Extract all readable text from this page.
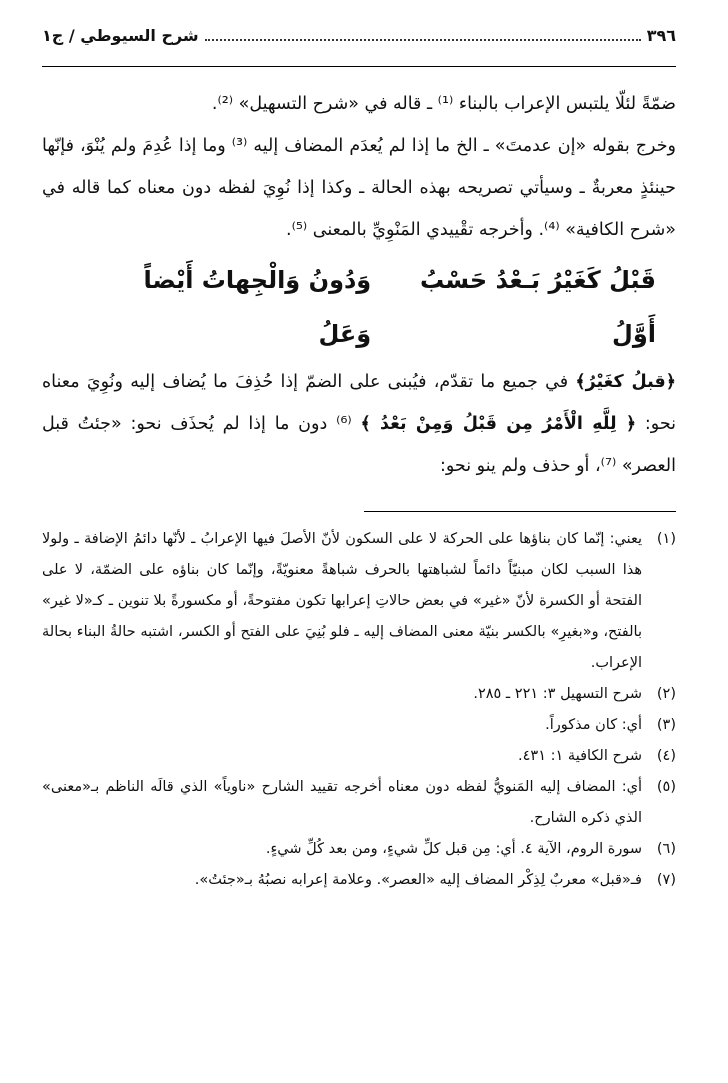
٣٩٦
شرح السيوطي / ج١

ضمّةً لئلّا يلتبس الإعراب بالبناء ⁽¹⁾ ـ قاله في «شرح التسهيل» ⁽²⁾.

وخرج بقوله «إن عدمتَ» ـ الخ ما إذا لم يُعدَم المضاف إليه ⁽³⁾ وما إذا عُدِمَ ولم يُنْوَ، فإنّها حينئذٍ معربةٌ ـ وسيأتي تصريحه بهذه الحالة ـ وكذا إذا نُوِيَ لفظه دون معناه كما قاله في «شرح الكافية» ⁽⁴⁾. وأخرجه تقْييدي المَنْوِيِّ بالمعنى ⁽⁵⁾.

قَبْلُ كَغَيْرُ بَـعْدُ حَسْبُ أَوَّلُ
وَدُونُ وَالْجِهاتُ أَيْضاً وَعَلُ

﴿قبلُ كغَيْرُ﴾ في جميع ما تقدّم، فيُبنى على الضمّ إذا حُذِفَ ما يُضاف إليه ونُوِيَ معناه نحو: ﴿ لِلَّهِ الْأَمْرُ مِن قَبْلُ وَمِنْ بَعْدُ ﴾ ⁽⁶⁾ دون ما إذا لم يُحذَف نحو: «جئتُ قبل العصر» ⁽⁷⁾، أو حذف ولم ينو نحو:

(١)
يعني: إنّما كان بناؤها على الحركة لا على السكون لأنّ الأصلَ فيها الإعرابُ ـ لأنّها دائمُ الإضافة ـ ولولا هذا السبب لكان مبنيّاً دائماً لشباهتها بالحرف شباهةً معنويّةً، وإنّما كان بناؤه على الضمّة، لا على الفتحة أو الكسرة لأنّ «غير» في بعض حالاتِ إعرابها تكون مفتوحةً، أو مكسورةً بلا تنوين ـ كـ«لا غير» بالفتح، و«بغيرِ» بالكسر بنيّة معنى المضاف إليه ـ فلو بُنِيَ على الفتح أو الكسر، اشتبه حالةُ البناء بحالة الإعراب.
(٢)
شرح التسهيل ٣: ٢٢١ ـ ٢٨٥.
(٣)
أي: كان مذكوراً.
(٤)
شرح الكافية ١: ٤٣١.
(٥)
أي: المضاف إليه المَنويُّ لفظه دون معناه أخرجه تقييد الشارح «ناوياً» الذي قالَه الناظم بـ«معنى» الذي ذكره الشارح.
(٦)
سورة الروم، الآية ٤. أي: مِن قبل كلِّ شيءٍ، ومن بعد كُلِّ شيءٍ.
(٧)
فـ«قبل» معربٌ لِذِكْر المضاف إليه «العصر». وعلامة إعرابه نصبُهُ بـ«جئتُ».
